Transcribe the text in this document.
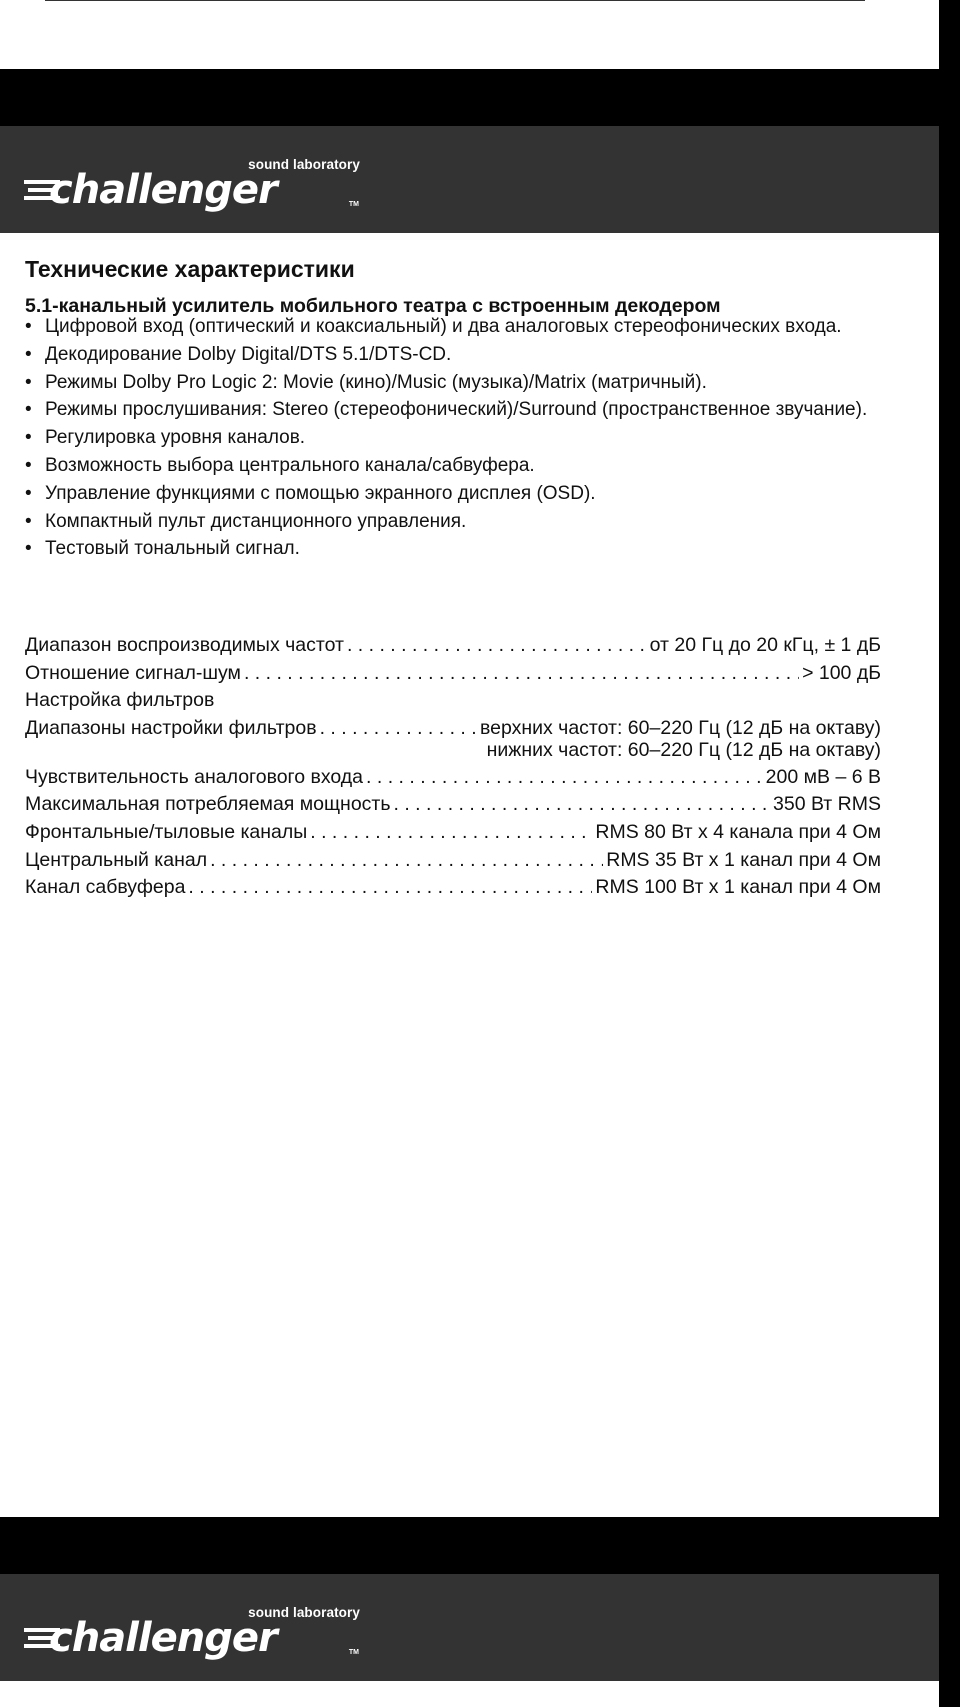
sound laboratory
challenger	TM
Технические характеристики
5.1-канальный усилитель мобильного театра с встроенным декодером
• Цифровой вход (оптический и коаксиальный) и два аналоговых стереофонических входа.
• Декодирование Dolby Digital/DTS 5.1/DTS-CD.
• Режимы Dolby Pro Logic 2: Movie (кино)/Music (музыка)/Matrix (матричный).
• Режимы прослушивания: Stereo (стереофонический)/Surround (пространственное звучание).
• Регулировка уровня каналов.
• Возможность выбора центрального канала/сабвуфера.
• Управление функциями с помощью экранного дисплея (OSD).
• Компактный пульт дистанционного управления.
• Тестовый тональный сигнал.
Диапазон воспроизводимых частот . . .	от 20 Гц до 20 кГц, ± 1 дБ
Отношение сигнал-шум . . .	> 100 дБ
Настройка фильтров
Диапазоны настройки фильтров . . .	верхних частот: 60–220 Гц (12 дБ на октаву)
нижних частот: 60–220 Гц (12 дБ на октаву)
Чувствительность аналогового входа . . .	200 мВ – 6 В
Максимальная потребляемая мощность . . .	350 Вт RMS
Фронтальные/тыловые каналы . . .	RMS 80 Вт x 4 канала при 4 Ом
Центральный канал . . .	RMS 35 Вт x 1 канал при 4 Ом
Канал сабвуфера . . .	RMS 100 Вт x 1 канал при 4 Ом
sound laboratory
challenger	TM
